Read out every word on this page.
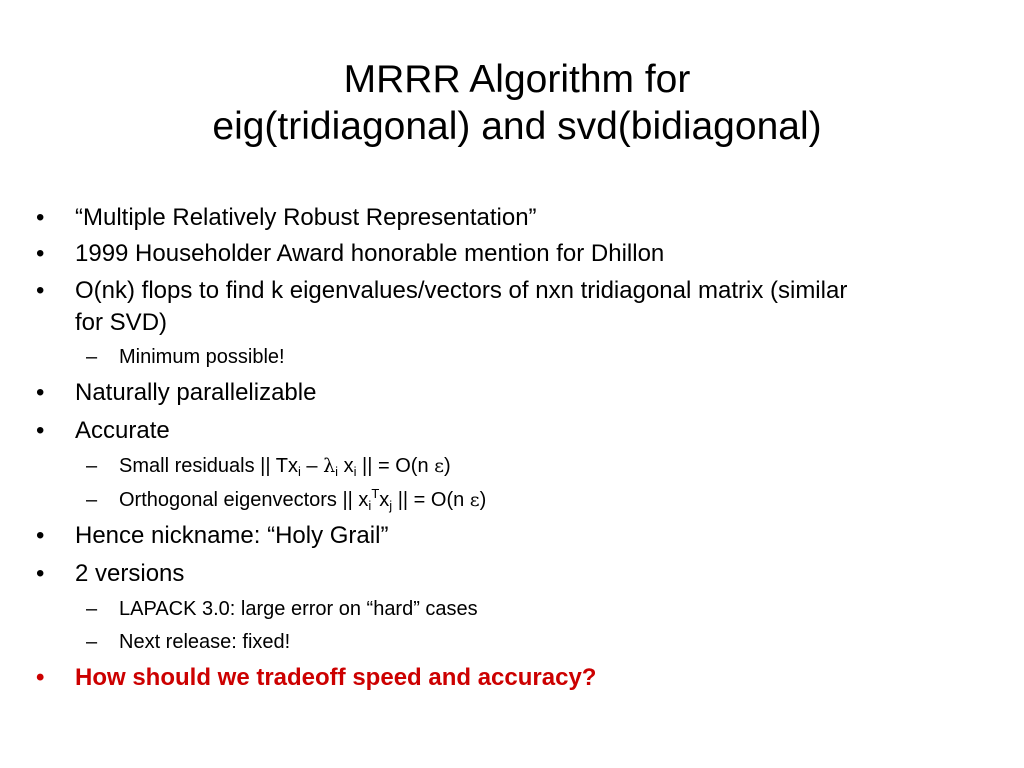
MRRR Algorithm for
eig(tridiagonal) and svd(bidiagonal)
• “Multiple Relatively Robust Representation”
• 1999 Householder Award honorable mention for Dhillon
• O(nk) flops to find k eigenvalues/vectors of nxn tridiagonal matrix (similar
for SVD)
– Minimum possible!
• Naturally parallelizable
• Accurate
– Small residuals || $Tx_i - \lambda_i$ $x_i$ || = O(n ε)
– Orthogonal eigenvectors || $x_i^Tx_j$ || = O(n ε)
• Hence nickname: “Holy Grail”
• 2 versions
– LAPACK 3.0: large error on “hard” cases
– Next release: fixed!
• How should we tradeoff speed and accuracy?
